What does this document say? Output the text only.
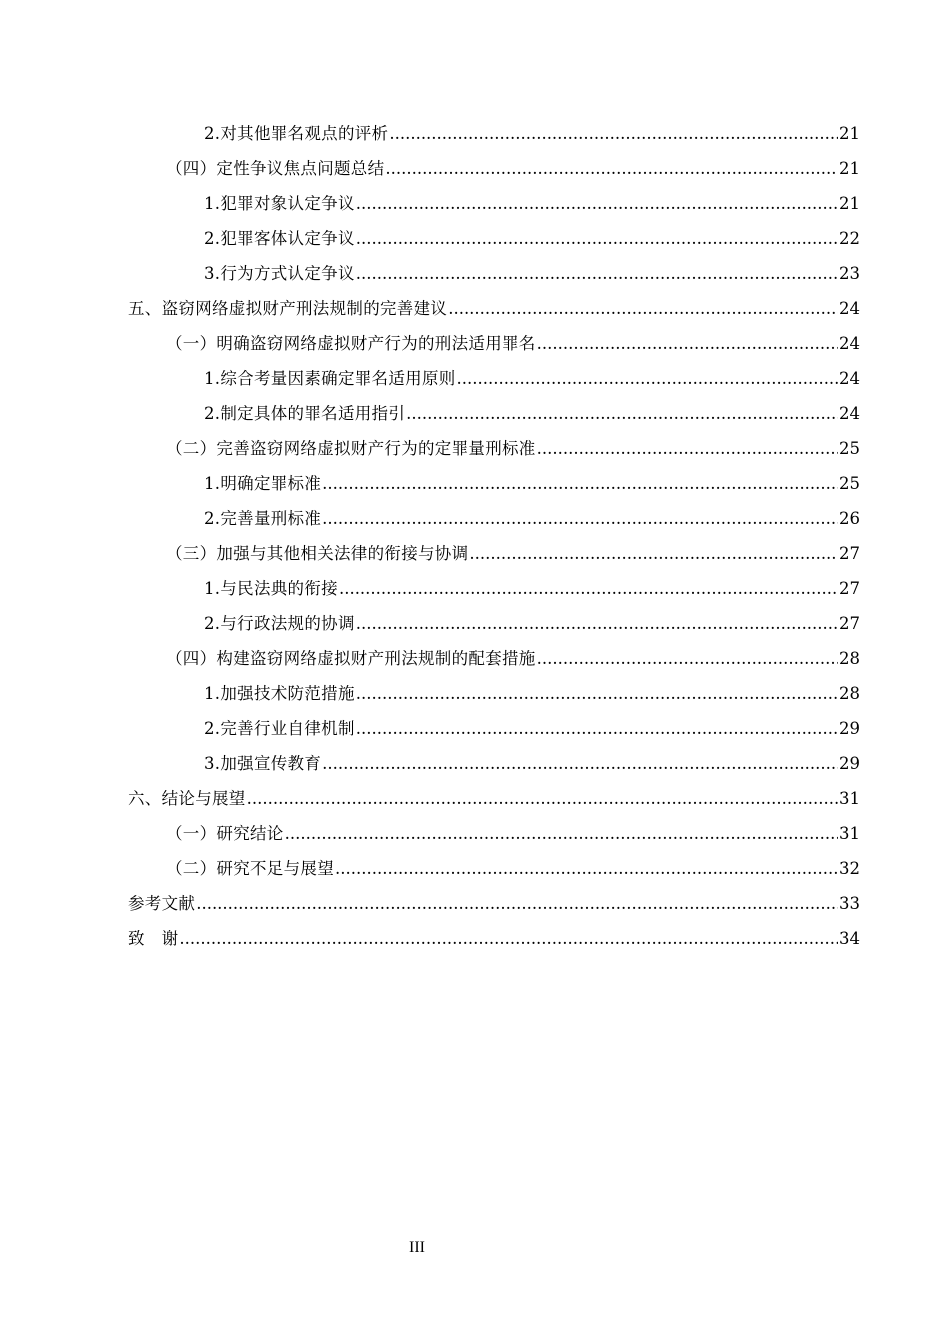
2.对其他罪名观点的评析 .....	21
（四）定性争议焦点问题总结 .....	21
1.犯罪对象认定争议 .....	21
2.犯罪客体认定争议 .....	22
3.行为方式认定争议 .....	23
五、盗窃网络虚拟财产刑法规制的完善建议 .....	24
（一）明确盗窃网络虚拟财产行为的刑法适用罪名 .....	24
1.综合考量因素确定罪名适用原则 .....	24
2.制定具体的罪名适用指引 .....	24
（二）完善盗窃网络虚拟财产行为的定罪量刑标准 .....	25
1.明确定罪标准 .....	25
2.完善量刑标准 .....	26
（三）加强与其他相关法律的衔接与协调 .....	27
1.与民法典的衔接 .....	27
2.与行政法规的协调 .....	27
（四）构建盗窃网络虚拟财产刑法规制的配套措施 .....	28
1.加强技术防范措施 .....	28
2.完善行业自律机制 .....	29
3.加强宣传教育 .....	29
六、结论与展望 .....	31
（一）研究结论 .....	31
（二）研究不足与展望 .....	32
参考文献 .....	33
致　谢 .....	34
III
